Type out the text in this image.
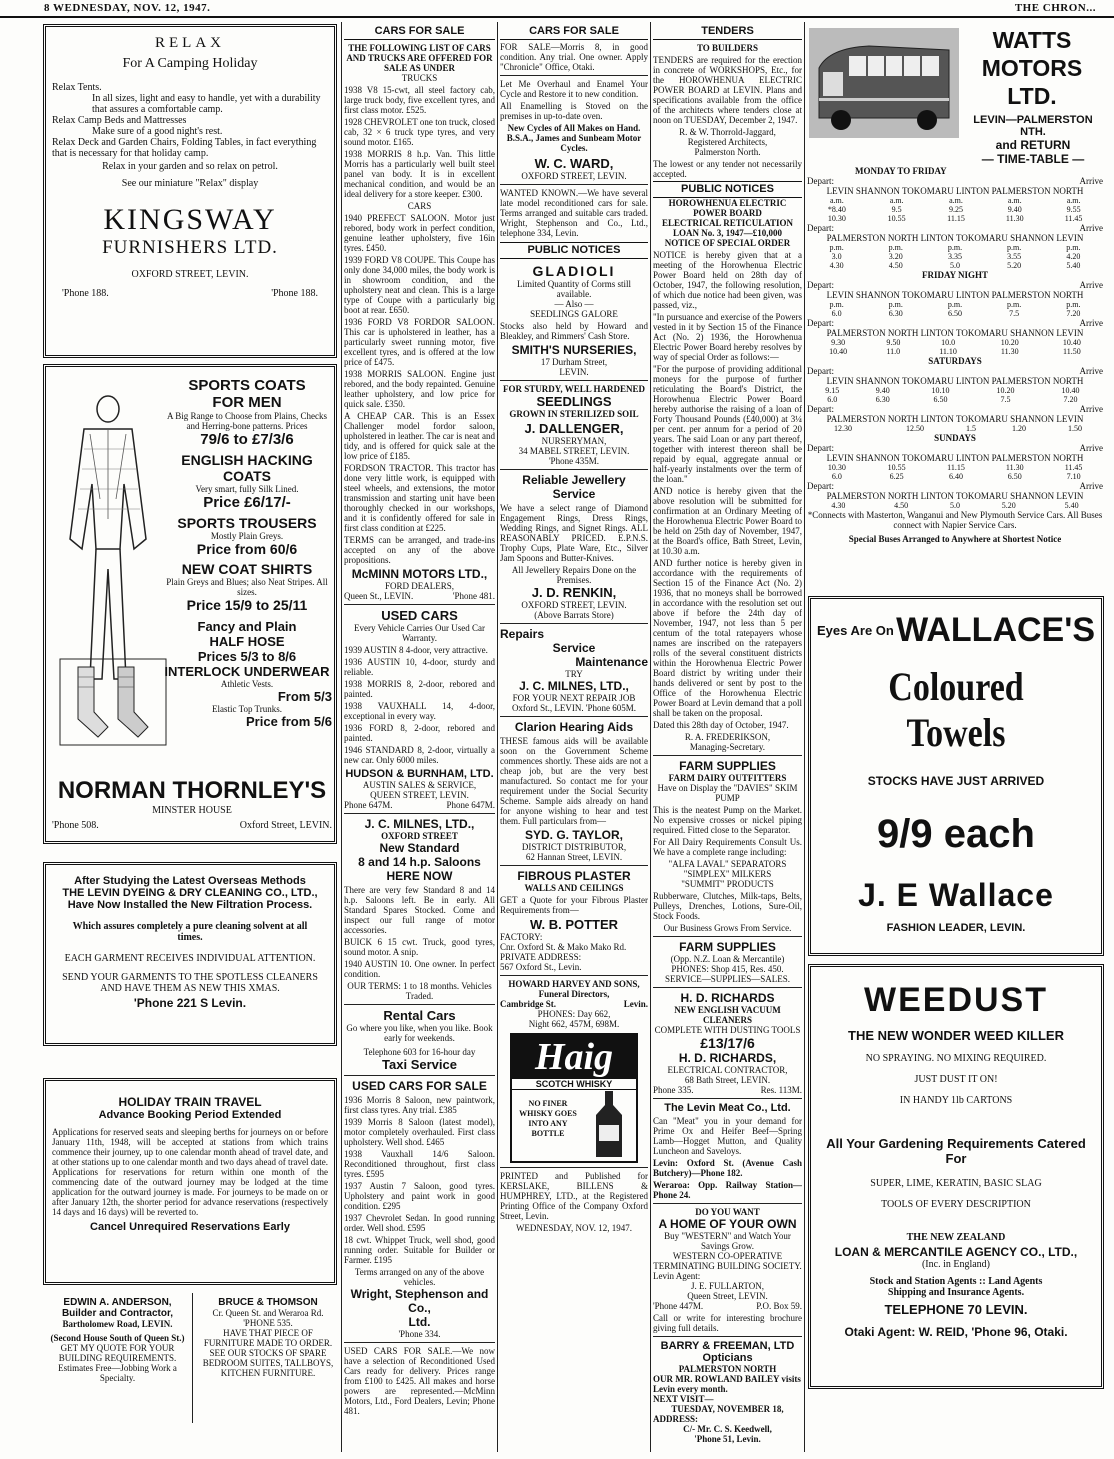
8 WEDNESDAY, NOV. 12, 1947.	THE CHRON...
RELAX
For A Camping Holiday
Relax Tents.
In all sizes, light and easy to handle, yet with a durability that assures a comfortable camp.
Relax Camp Beds and Mattresses
Make sure of a good night's rest.
Relax Deck and Garden Chairs, Folding Tables, in fact everything that is necessary for that holiday camp.
Relax in your garden and so relax on petrol.
See our miniature "Relax" display
KINGSWAY
FURNISHERS LTD.
OXFORD STREET, LEVIN.
'Phone 188.	'Phone 188.
SPORTS COATS
FOR MEN
A Big Range to Choose from Plains, Checks and Herring-bone patterns. Prices
79/6 to £7/3/6
ENGLISH HACKING
COATS
Very smart, fully Silk Lined.
Price £6/17/-
SPORTS TROUSERS
Mostly Plain Greys.
Price from 60/6
NEW COAT SHIRTS
Plain Greys and Blues; also Neat Stripes. All sizes.
Price 15/9 to 25/11
Fancy and Plain
HALF HOSE
Prices 5/3 to 8/6
INTERLOCK UNDERWEAR
Athletic Vests.
From 5/3
Elastic Top Trunks.
Price from 5/6
NORMAN THORNLEY'S
MINSTER HOUSE
'Phone 508.	Oxford Street, LEVIN.
After Studying the Latest Overseas Methods
THE LEVIN DYEING & DRY CLEANING CO., LTD.,
Have Now Installed the New Filtration Process.
Which assures completely a pure cleaning solvent at all times.
EACH GARMENT RECEIVES INDIVIDUAL ATTENTION.
SEND YOUR GARMENTS TO THE SPOTLESS CLEANERS AND HAVE THEM AS NEW THIS XMAS.
'Phone 221 S Levin.
HOLIDAY TRAIN TRAVEL
Advance Booking Period Extended
Applications for reserved seats and sleeping berths for journeys on or before January 11th, 1948, will be accepted at stations from which trains commence their journey, up to one calendar month ahead of travel date, and at other stations up to one calendar month and two days ahead of travel date. Applications for reservations for return within one month of the commencing date of the outward journey may be lodged at the time application for the outward journey is made. For journeys to be made on or after January 12th, the shorter period for advance reservations (respectively 14 days and 16 days) will be reverted to.
Cancel Unrequired Reservations Early
EDWIN A. ANDERSON,
Builder and Contractor,
Bartholomew Road, LEVIN.
(Second House South of Queen St.)
GET MY QUOTE FOR YOUR BUILDING REQUIREMENTS.
Estimates Free—Jobbing Work a Specialty.
BRUCE & THOMSON
Cr. Queen St. and Weraroa Rd.
'PHONE 535.
HAVE THAT PIECE OF FURNITURE MADE TO ORDER.
SEE OUR STOCKS OF SPARE BEDROOM SUITES, TALLBOYS, KITCHEN FURNITURE.
CARS FOR SALE
THE FOLLOWING LIST OF CARS AND TRUCKS ARE OFFERED FOR SALE AS UNDER
TRUCKS
1938 V8 15-cwt, all steel factory cab, large truck body, five excellent tyres, and first class motor. £525.
1928 CHEVROLET one ton truck, closed cab, 32 × 6 truck type tyres, and very sound motor. £165.
1938 MORRIS 8 h.p. Van. This little Morris has a particularly well built steel panel van body. It is in excellent mechanical condition, and would be an ideal delivery for a store keeper. £300.
CARS
1940 PREFECT SALOON. Motor just rebored, body work in perfect condition, genuine leather upholstery, five 16in tyres. £450.
1939 FORD V8 COUPE. This Coupe has only done 34,000 miles, the body work is in showroom condition, and the upholstery neat and clean. This is a large type of Coupe with a particularly big boot at rear. £650.
1936 FORD V8 FORDOR SALOON. This car is upholstered in leather, has a particularly sweet running motor, five excellent tyres, and is offered at the low price of £475.
1938 MORRIS SALOON. Engine just rebored, and the body repainted. Genuine leather upholstery, and low price for quick sale. £350.
A CHEAP CAR. This is an Essex Challenger model fordor saloon, upholstered in leather. The car is neat and tidy, and is offered for quick sale at the low price of £185.
FORDSON TRACTOR. This tractor has done very little work, is equipped with steel wheels, and extensions, the motor transmission and starting unit have been thoroughly checked in our workshops, and it is confidently offered for sale in first class condition at £225.
TERMS can be arranged, and trade-ins accepted on any of the above propositions.
McMINN MOTORS LTD.,
FORD DEALERS,
Queen St., LEVIN.	'Phone 481.
USED CARS
Every Vehicle Carries Our Used Car Warranty.
1939 AUSTIN 8 4-door, very attractive.
1936 AUSTIN 10, 4-door, sturdy and reliable.
1938 MORRIS 8, 2-door, rebored and painted.
1938 VAUXHALL 14, 4-door, exceptional in every way.
1936 FORD 8, 2-door, rebored and painted.
1946 STANDARD 8, 2-door, virtually a new car. Only 6000 miles.
HUDSON & BURNHAM, LTD.
AUSTIN SALES & SERVICE,
QUEEN STREET, LEVIN.
Phone 647M.	Phone 647M.
J. C. MILNES, LTD.,
OXFORD STREET
New Standard
8 and 14 h.p. Saloons
HERE NOW
There are very few Standard 8 and 14 h.p. Saloons left. Be in early. All Standard Spares Stocked. Come and inspect our full range of motor accessories.
BUICK 6 15 cwt. Truck, good tyres, sound motor. A snip.
1940 AUSTIN 10. One owner. In perfect condition.
OUR TERMS: 1 to 18 months. Vehicles Traded.
Rental Cars
Go where you like, when you like. Book early for weekends.
Telephone 603 for 16-hour day
Taxi Service
USED CARS FOR SALE
1936 Morris 8 Saloon, new paintwork, first class tyres. Any trial. £385
1939 Morris 8 Saloon (latest model), motor completely overhauled. First class upholstery. Well shod. £465
1938 Vauxhall 14/6 Saloon. Reconditioned throughout, first class tyres. £595
1937 Austin 7 Saloon, good tyres. Upholstery and paint work in good condition. £295
1937 Chevrolet Sedan. In good running order. Well shod. £595
18 cwt. Whippet Truck, well shod, good running order. Suitable for Builder or Farmer. £195
Terms arranged on any of the above vehicles.
Wright, Stephenson and Co.,
Ltd.
'Phone 334.
USED CARS FOR SALE.—We now have a selection of Reconditioned Used Cars ready for delivery. Prices range from £100 to £425. All makes and horse powers are represented.—McMinn Motors, Ltd., Ford Dealers, Levin; Phone 481.
CARS FOR SALE
FOR SALE—Morris 8, in good condition. Any trial. One owner. Apply "Chronicle" Office, Otaki.
Let Me Overhaul and Enamel Your Cycle and Restore it to new condition.
All Enamelling is Stoved on the premises in up-to-date oven.
New Cycles of All Makes on Hand. B.S.A., James and Sunbeam Motor Cycles.
W. C. WARD,
OXFORD STREET, LEVIN.
WANTED KNOWN.—We have several late model reconditioned cars for sale. Terms arranged and suitable cars traded. Wright, Stephenson and Co., Ltd., telephone 334, Levin.
PUBLIC NOTICES
GLADIOLI
Limited Quantity of Corms still available.
— Also —
SEEDLINGS GALORE
Stocks also held by Howard and Bleakley, and Rimmers' Cash Store.
SMITH'S NURSERIES,
17 Durham Street,
LEVIN.
FOR STURDY, WELL HARDENED
SEEDLINGS
GROWN IN STERILIZED SOIL
J. DALLENGER,
NURSERYMAN,
34 MABEL STREET, LEVIN.
'Phone 435M.
Reliable Jewellery Service
We have a select range of Diamond Engagement Rings, Dress Rings, Wedding Rings, and Signet Rings. ALL REASONABLY PRICED. E.P.N.S. Trophy Cups, Plate Ware, Etc., Silver Jam Spoons and Butter-Knives.
All Jewellery Repairs Done on the Premises.
J. D. RENKIN,
OXFORD STREET, LEVIN.
(Above Barrats Store)
Repairs
Service
Maintenance
TRY
J. C. MILNES, LTD.,
FOR YOUR NEXT REPAIR JOB
Oxford St., LEVIN. 'Phone 605M.
Clarion Hearing Aids
THESE famous aids will be available soon on the Government Scheme commences shortly. These aids are not a cheap job, but are the very best manufactured. So contact me for your requirement under the Social Security Scheme. Sample aids already on hand for anyone wishing to hear and test them. Full particulars from—
SYD. G. TAYLOR,
DISTRICT DISTRIBUTOR,
62 Hannan Street, LEVIN.
FIBROUS PLASTER
WALLS AND CEILINGS
GET a Quote for your Fibrous Plaster Requirements from—
W. B. POTTER
FACTORY:
Cnr. Oxford St. & Mako Mako Rd.
PRIVATE ADDRESS:
567 Oxford St., Levin.
HOWARD HARVEY AND SONS,
Funeral Directors,
Cambridge St.	Levin.
PHONES: Day 662,
Night 662, 457M, 698M.
Haig
SCOTCH WHISKY
NO FINER WHISKY GOES INTO ANY BOTTLE
PRINTED and Published for KERSLAKE, BILLENS & HUMPHREY, LTD., at the Registered Printing Office of the Company Oxford Street, Levin.
WEDNESDAY, NOV. 12, 1947.
TENDERS
TO BUILDERS
TENDERS are required for the erection in concrete of WORKSHOPS, Etc., for the HOROWHENUA ELECTRIC POWER BOARD at LEVIN. Plans and specifications available from the office of the architects where tenders close at noon on TUESDAY, December 2, 1947.
R. & W. Thorrold-Jaggard,
Registered Architects,
Palmerston North.
The lowest or any tender not necessarily accepted.
PUBLIC NOTICES
HOROWHENUA ELECTRIC POWER BOARD
ELECTRICAL RETICULATION
LOAN No. 3, 1947—£10,000
NOTICE OF SPECIAL ORDER
NOTICE is hereby given that at a meeting of the Horowhenua Electric Power Board held on 28th day of October, 1947, the following resolution, of which due notice had been given, was passed, viz.,
"In pursuance and exercise of the Powers vested in it by Section 15 of the Finance Act (No. 2) 1936, the Horowhenua Electric Power Board hereby resolves by way of special Order as follows:—
"For the purpose of providing additional moneys for the purpose of further reticulating the Board's District, the Horowhenua Electric Power Board hereby authorise the raising of a loan of Forty Thousand Pounds (£40,000) at 3¼ per cent. per annum for a period of 20 years. The said Loan or any part thereof, together with interest thereon shall be repaid by equal, aggregate annual or half-yearly instalments over the term of the loan."
AND notice is hereby given that the above resolution will be submitted for confirmation at an Ordinary Meeting of the Horowhenua Electric Power Board to be held on 25th day of November, 1947, at the Board's office, Bath Street, Levin, at 10.30 a.m.
AND further notice is hereby given in accordance with the requirements of Section 15 of the Finance Act (No. 2) 1936, that no moneys shall be borrowed in accordance with the resolution set out above if before the 24th day of November, 1947, not less than 5 per centum of the total ratepayers whose names are inscribed on the ratepayers rolls of the several constituent districts within the Horowhenua Electric Power Board district by writing under their hands delivered or sent by post to the Office of the Horowhenua Electric Power Board at Levin demand that a poll shall be taken on the proposal.
Dated this 28th day of October, 1947.
R. A. FREDERIKSON,
Managing-Secretary.
FARM SUPPLIES
FARM DAIRY OUTFITTERS
Have on Display the "DAVIES" SKIM PUMP
This is the neatest Pump on the Market. No expensive crosses or nickel piping required. Fitted close to the Separator.
For All Dairy Requirements Consult Us. We have a complete range including:
"ALFA LAVAL" SEPARATORS
"SIMPLEX" MILKERS
"SUMMIT" PRODUCTS
Rubberware, Clutches, Milk-taps, Belts, Pulleys, Drenches, Lotions, Sure-Oil, Stock Foods.
Our Business Grows From Service.
FARM SUPPLIES
(Opp. N.Z. Loan & Mercantile)
PHONES: Shop 415, Res. 450.
SERVICE—SUPPLIES—SALES.
H. D. RICHARDS
NEW ENGLISH VACUUM CLEANERS
COMPLETE WITH DUSTING TOOLS
£13/17/6
H. D. RICHARDS,
ELECTRICAL CONTRACTOR,
68 Bath Street, LEVIN.
Phone 335.	Res. 113M.
The Levin Meat Co., Ltd.
Can "Meat" you in your demand for Prime Ox and Heifer Beef—Spring Lamb—Hogget Mutton, and Quality Luncheon and Saveloys.
Levin: Oxford St. (Avenue Cash Butchery)—Phone 182.
Weraroa: Opp. Railway Station—Phone 24.
DO YOU WANT
A HOME OF YOUR OWN
Buy "WESTERN" and Watch Your Savings Grow.
WESTERN CO-OPERATIVE TERMINATING BUILDING SOCIETY.
Levin Agent:
J. E. FULLARTON,
Queen Street, LEVIN.
'Phone 447M.	P.O. Box 59.
Call or write for interesting brochure giving full details.
BARRY & FREEMAN, LTD
Opticians
PALMERSTON NORTH
OUR MR. ROWLAND BAILEY visits Levin every month.
NEXT VISIT—
TUESDAY, NOVEMBER 18,
ADDRESS:
C/- Mr. C. S. Keedwell,
'Phone 51, Levin.
WATTS
MOTORS
LTD.
LEVIN—PALMERSTON NTH.
and RETURN
— TIME-TABLE —
MONDAY TO FRIDAY
Depart:	Arrive
LEVIN SHANNON TOKOMARU LINTON PALMERSTON NORTH
a.m.	a.m.	a.m.	a.m.	a.m.
*8.40	9.5	9.25	9.40	9.55
10.30	10.55	11.15	11.30	11.45
Depart:	Arrive
PALMERSTON NORTH LINTON TOKOMARU SHANNON LEVIN
p.m.	p.m.	p.m.	p.m.	p.m.
3.0	3.20	3.35	3.55	4.20
4.30	4.50	5.0	5.20	5.40
FRIDAY NIGHT
Depart:	Arrive
LEVIN SHANNON TOKOMARU LINTON PALMERSTON NORTH
p.m.	p.m.	p.m.	p.m.	p.m.
6.0	6.30	6.50	7.5	7.20
Depart:	Arrive
PALMERSTON NORTH LINTON TOKOMARU SHANNON LEVIN
9.30	9.50	10.0	10.20	10.40
10.40	11.0	11.10	11.30	11.50
SATURDAYS
Depart:	Arrive
LEVIN SHANNON TOKOMARU LINTON PALMERSTON NORTH
9.15	9.40	10.10	10.20	10.40
6.0	6.30	6.50	7.5	7.20
Depart:	Arrive
PALMERSTON NORTH LINTON TOKOMARU SHANNON LEVIN
12.30	12.50	1.5	1.20	1.50
SUNDAYS
Depart:	Arrive
LEVIN SHANNON TOKOMARU LINTON PALMERSTON NORTH
10.30	10.55	11.15	11.30	11.45
6.0	6.25	6.40	6.50	7.10
Depart:	Arrive
PALMERSTON NORTH LINTON TOKOMARU SHANNON LEVIN
4.30	4.50	5.0	5.20	5.40
*Connects with Masterton, Wanganui and New Plymouth Service Cars. All Buses connect with Napier Service Cars.
Special Buses Arranged to Anywhere at Shortest Notice
Eyes Are On WALLACE'S
Coloured Towels
STOCKS HAVE JUST ARRIVED
9/9 each
J. E Wallace
FASHION LEADER, LEVIN.
WEEDUST
THE NEW WONDER WEED KILLER
NO SPRAYING. NO MIXING REQUIRED.
JUST DUST IT ON!
IN HANDY 1lb CARTONS
All Your Gardening Requirements Catered For
SUPER, LIME, KERATIN, BASIC SLAG
TOOLS OF EVERY DESCRIPTION
THE NEW ZEALAND
LOAN & MERCANTILE AGENCY CO., LTD.,
(Inc. in England)
Stock and Station Agents :: Land Agents
Shipping and Insurance Agents.
TELEPHONE 70 LEVIN.
Otaki Agent: W. REID, 'Phone 96, Otaki.
